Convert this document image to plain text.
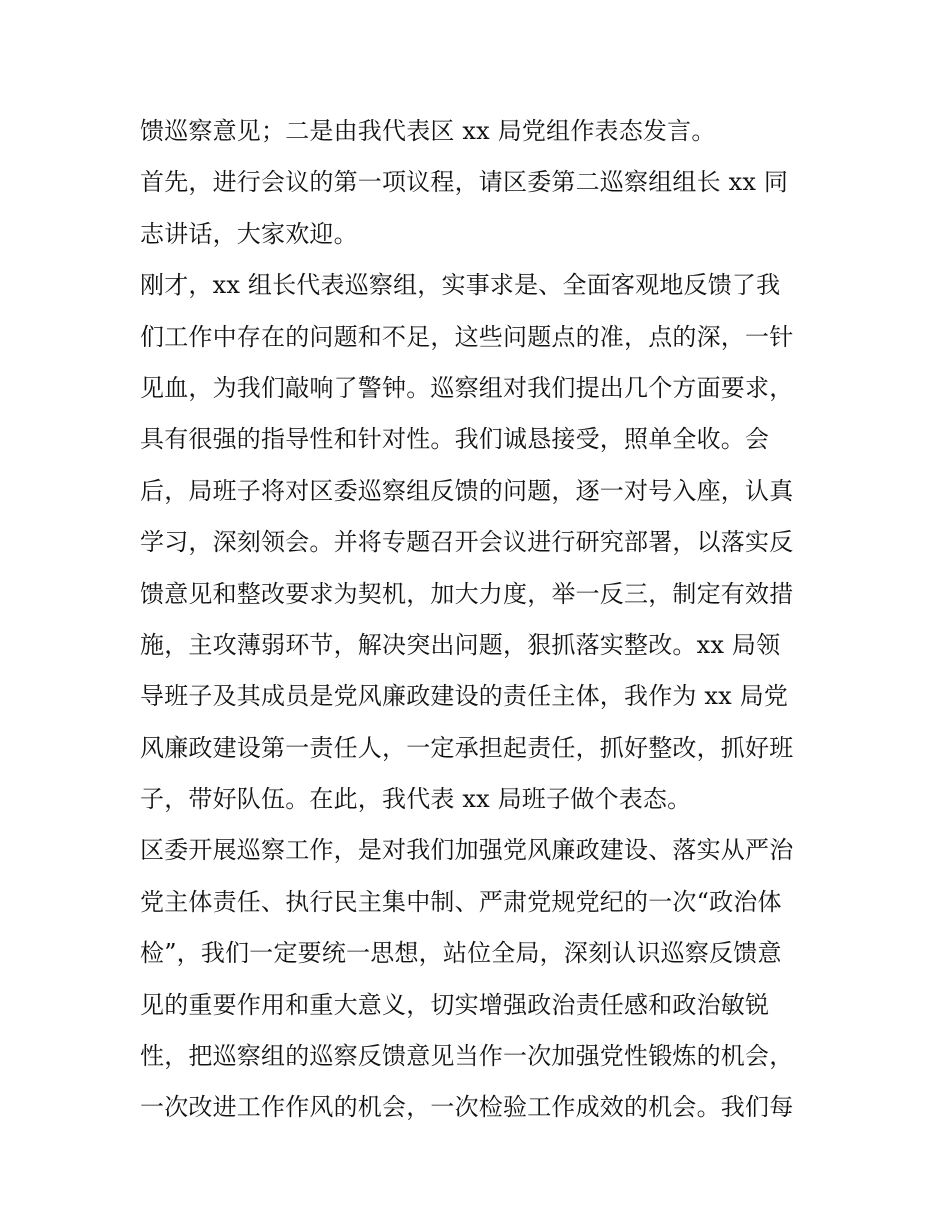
馈巡察意见；二是由我代表区 xx 局党组作表态发言。
首先，进行会议的第一项议程，请区委第二巡察组组长 xx 同
志讲话，大家欢迎。
刚才，xx 组长代表巡察组，实事求是、全面客观地反馈了我
们工作中存在的问题和不足，这些问题点的准，点的深，一针
见血，为我们敲响了警钟。巡察组对我们提出几个方面要求，
具有很强的指导性和针对性。我们诚恳接受，照单全收。会
后，局班子将对区委巡察组反馈的问题，逐一对号入座，认真
学习，深刻领会。并将专题召开会议进行研究部署，以落实反
馈意见和整改要求为契机，加大力度，举一反三，制定有效措
施，主攻薄弱环节，解决突出问题，狠抓落实整改。xx 局领
导班子及其成员是党风廉政建设的责任主体，我作为 xx 局党
风廉政建设第一责任人，一定承担起责任，抓好整改，抓好班
子，带好队伍。在此，我代表 xx 局班子做个表态。
区委开展巡察工作，是对我们加强党风廉政建设、落实从严治
党主体责任、执行民主集中制、严肃党规党纪的一次“政治体
检”，我们一定要统一思想，站位全局，深刻认识巡察反馈意
见的重要作用和重大意义，切实增强政治责任感和政治敏锐
性，把巡察组的巡察反馈意见当作一次加强党性锻炼的机会，
一次改进工作作风的机会，一次检验工作成效的机会。我们每
